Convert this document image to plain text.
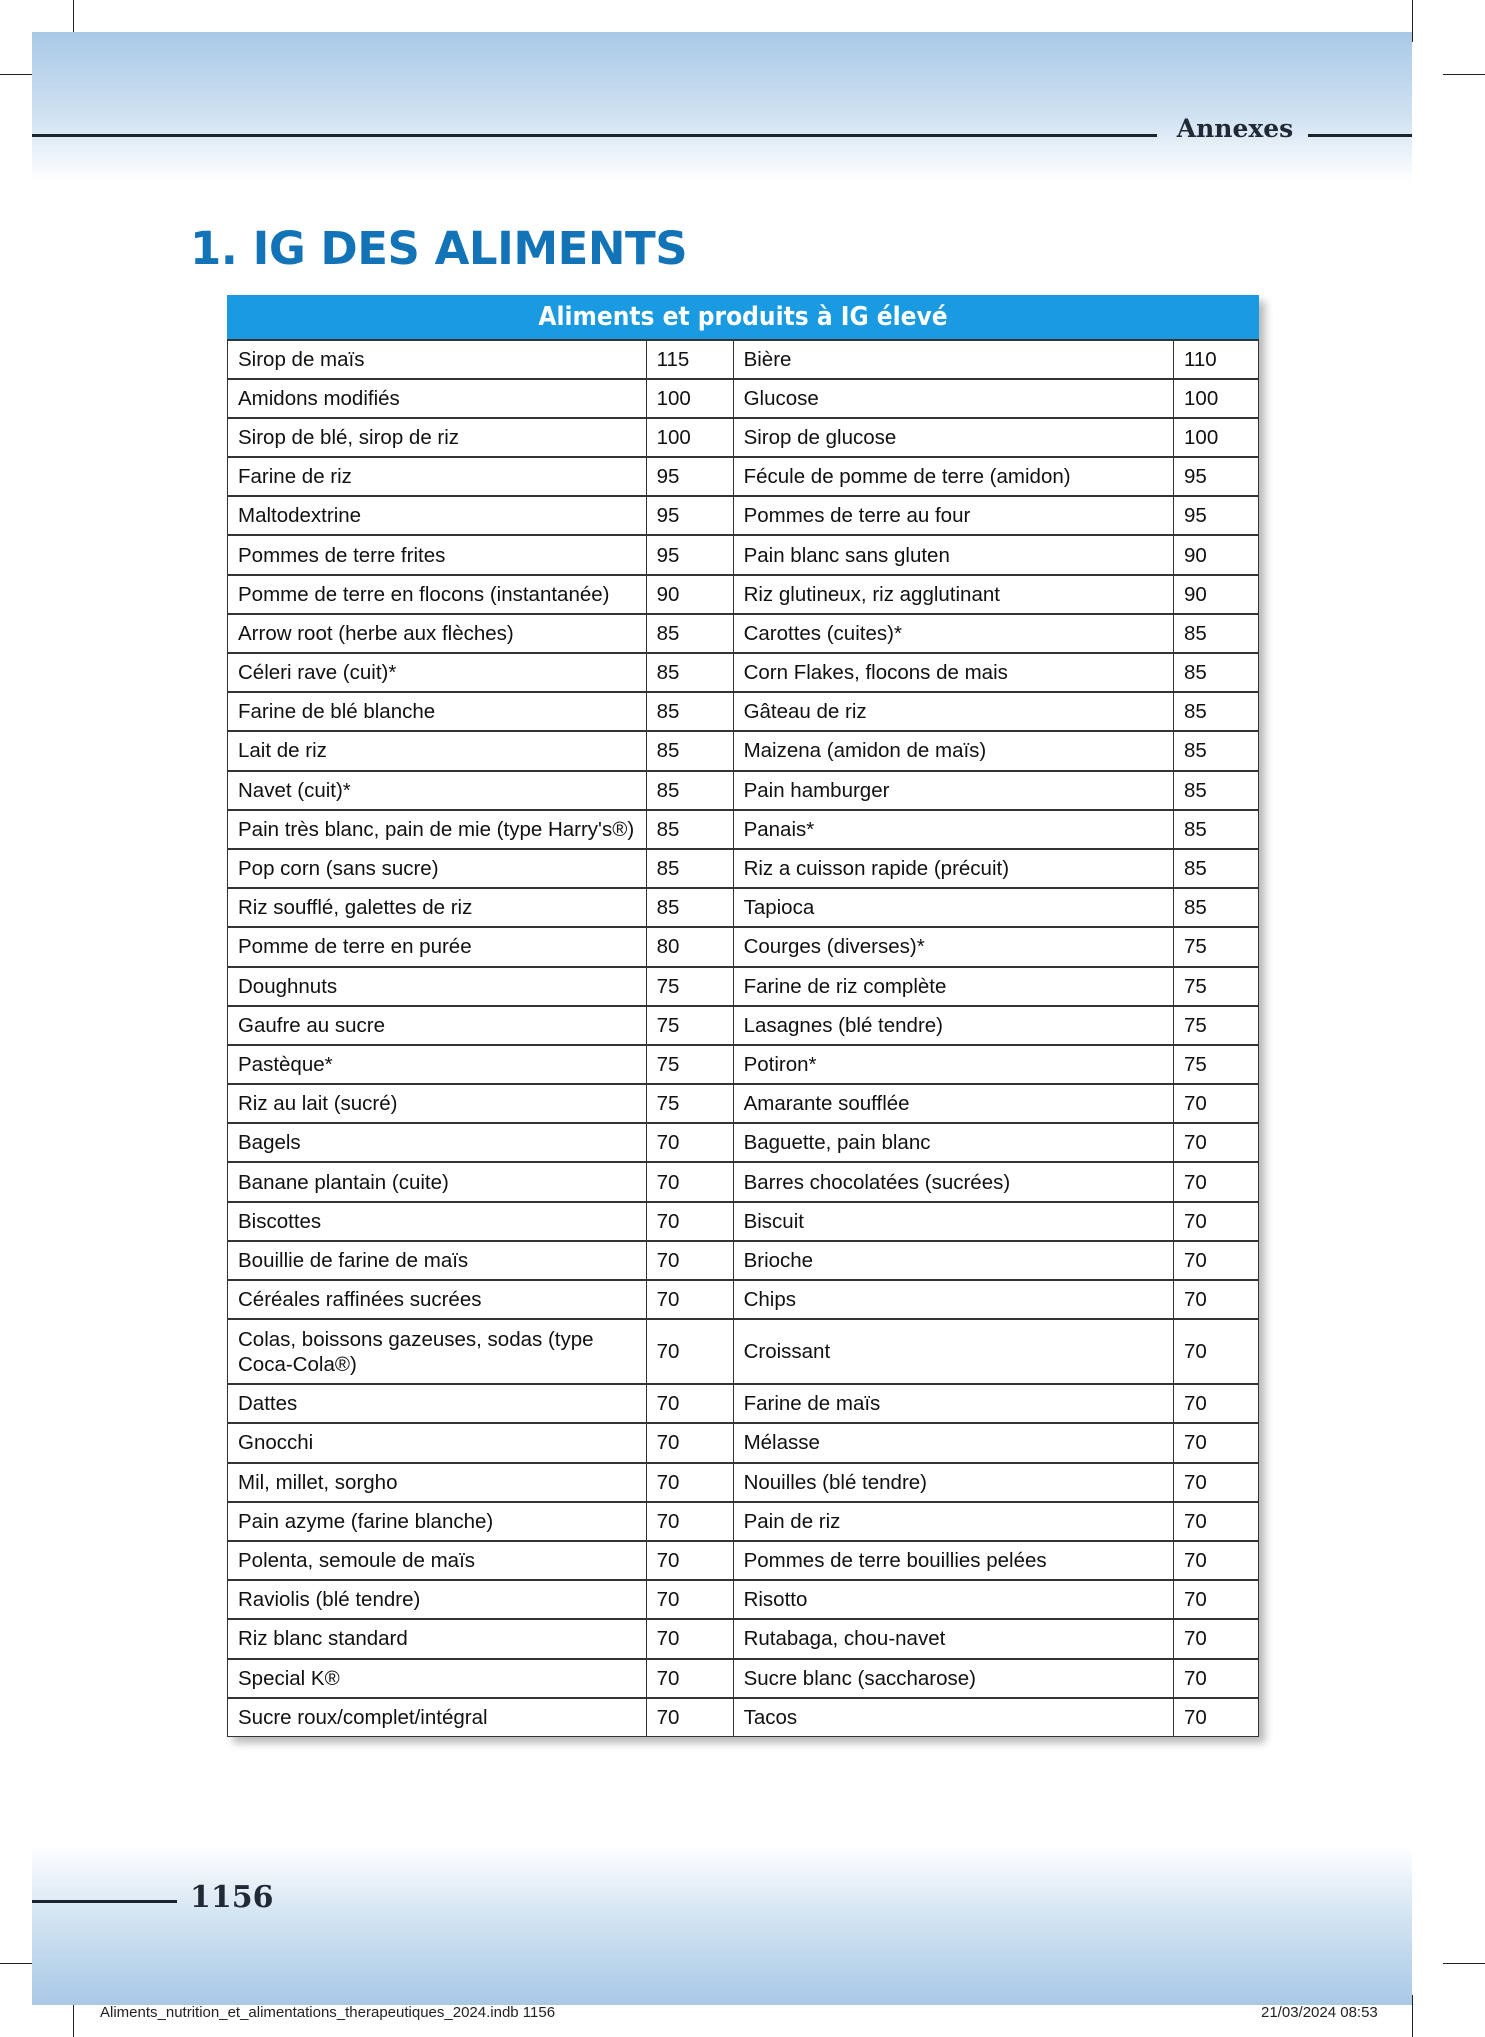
Annexes
1. IG DES ALIMENTS
Aliments et produits à IG élevé			
Sirop de maïs	115	Bière	110
Amidons modifiés	100	Glucose	100
Sirop de blé, sirop de riz	100	Sirop de glucose	100
Farine de riz	95	Fécule de pomme de terre (amidon)	95
Maltodextrine	95	Pommes de terre au four	95
Pommes de terre frites	95	Pain blanc sans gluten	90
Pomme de terre en flocons (instantanée)	90	Riz glutineux, riz agglutinant	90
Arrow root (herbe aux flèches)	85	Carottes (cuites)*	85
Céleri rave (cuit)*	85	Corn Flakes, flocons de mais	85
Farine de blé blanche	85	Gâteau de riz	85
Lait de riz	85	Maizena (amidon de maïs)	85
Navet (cuit)*	85	Pain hamburger	85
Pain très blanc, pain de mie (type Harry's®)	85	Panais*	85
Pop corn (sans sucre)	85	Riz a cuisson rapide (précuit)	85
Riz soufflé, galettes de riz	85	Tapioca	85
Pomme de terre en purée	80	Courges (diverses)*	75
Doughnuts	75	Farine de riz complète	75
Gaufre au sucre	75	Lasagnes (blé tendre)	75
Pastèque*	75	Potiron*	75
Riz au lait (sucré)	75	Amarante soufflée	70
Bagels	70	Baguette, pain blanc	70
Banane plantain (cuite)	70	Barres chocolatées (sucrées)	70
Biscottes	70	Biscuit	70
Bouillie de farine de maïs	70	Brioche	70
Céréales raffinées sucrées	70	Chips	70
Colas, boissons gazeuses, sodas (type Coca-Cola®)	70	Croissant	70
Dattes	70	Farine de maïs	70
Gnocchi	70	Mélasse	70
Mil, millet, sorgho	70	Nouilles (blé tendre)	70
Pain azyme (farine blanche)	70	Pain de riz	70
Polenta, semoule de maïs	70	Pommes de terre bouillies pelées	70
Raviolis (blé tendre)	70	Risotto	70
Riz blanc standard	70	Rutabaga, chou-navet	70
Special K®	70	Sucre blanc (saccharose)	70
Sucre roux/complet/intégral	70	Tacos	70
1156
Aliments_nutrition_et_alimentations_therapeutiques_2024.indb 1156	21/03/2024 08:53
